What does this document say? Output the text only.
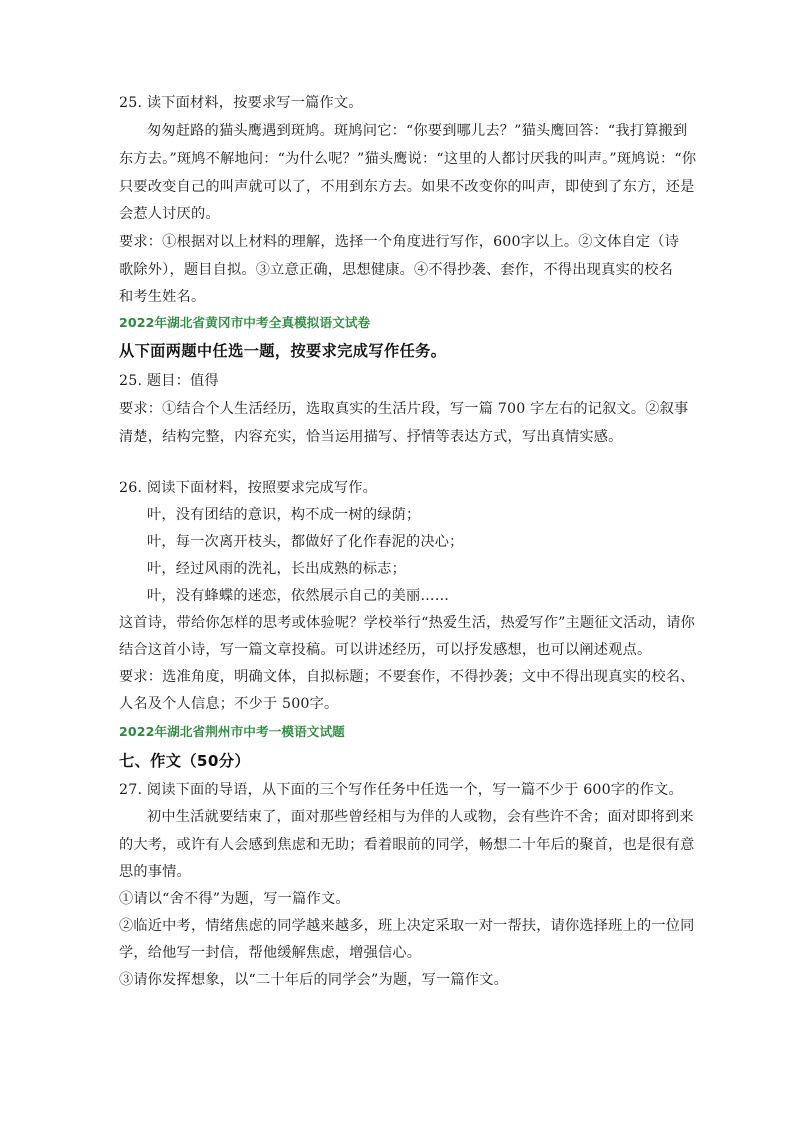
25. 读下面材料，按要求写一篇作文。
匆匆赶路的猫头鹰遇到斑鸠。斑鸠问它：“你要到哪儿去？”猫头鹰回答：“我打算搬到
东方去。”斑鸠不解地问：“为什么呢？”猫头鹰说：“这里的人都讨厌我的叫声。”斑鸠说：“你
只要改变自己的叫声就可以了，不用到东方去。如果不改变你的叫声，即使到了东方，还是
会惹人讨厌的。
要求：①根据对以上材料的理解，选择一个角度进行写作，600字以上。②文体自定（诗
歌除外），题目自拟。③立意正确，思想健康。④不得抄袭、套作，不得出现真实的校名
和考生姓名。
2022年湖北省黄冈市中考全真模拟语文试卷
从下面两题中任选一题，按要求完成写作任务。
25. 题目：值得
要求：①结合个人生活经历，选取真实的生活片段，写一篇 700 字左右的记叙文。②叙事
清楚，结构完整，内容充实，恰当运用描写、抒情等表达方式，写出真情实感。
26. 阅读下面材料，按照要求完成写作。
叶，没有团结的意识，构不成一树的绿荫；
叶，每一次离开枝头，都做好了化作春泥的决心；
叶，经过风雨的洗礼，长出成熟的标志；
叶，没有蜂蝶的迷恋，依然展示自己的美丽……
这首诗，带给你怎样的思考或体验呢？学校举行“热爱生活，热爱写作”主题征文活动，请你
结合这首小诗，写一篇文章投稿。可以讲述经历，可以抒发感想，也可以阐述观点。
要求：选准角度，明确文体，自拟标题；不要套作，不得抄袭；文中不得出现真实的校名、
人名及个人信息；不少于 500字。
2022年湖北省荆州市中考一模语文试题
七、作文（50分）
27. 阅读下面的导语，从下面的三个写作任务中任选一个，写一篇不少于 600字的作文。
初中生活就要结束了，面对那些曾经相与为伴的人或物，会有些许不舍；面对即将到来
的大考，或许有人会感到焦虑和无助；看着眼前的同学，畅想二十年后的聚首，也是很有意
思的事情。
①请以“舍不得”为题，写一篇作文。
②临近中考，情绪焦虑的同学越来越多，班上决定采取一对一帮扶，请你选择班上的一位同
学，给他写一封信，帮他缓解焦虑，增强信心。
③请你发挥想象，以“二十年后的同学会”为题，写一篇作文。
